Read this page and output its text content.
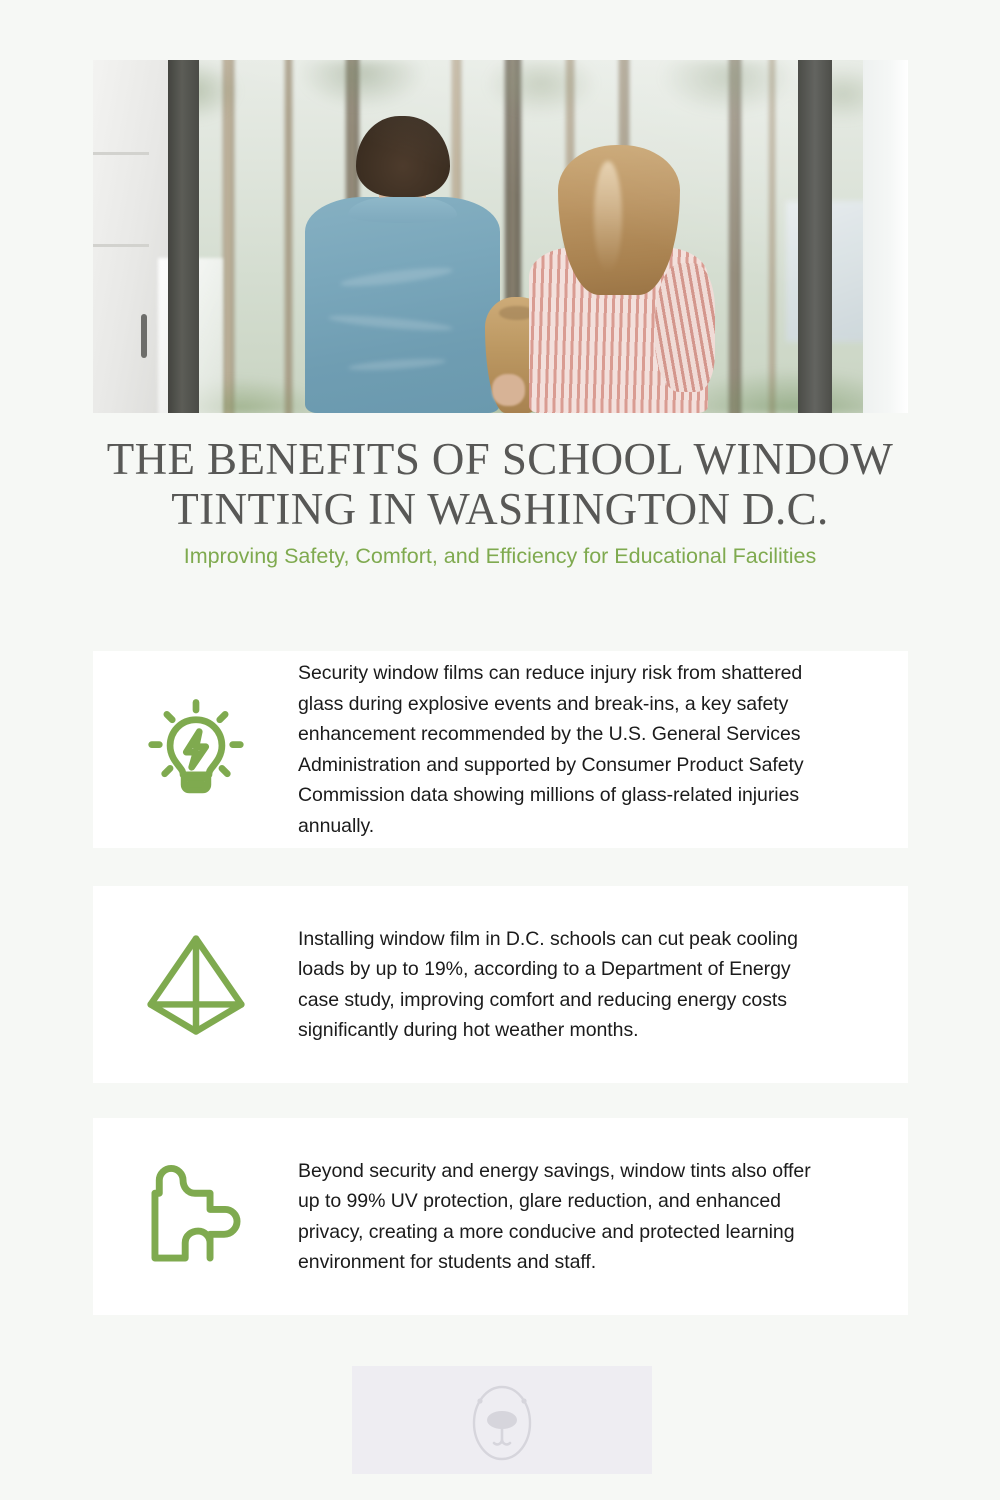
THE BENEFITS OF SCHOOL WINDOW TINTING IN WASHINGTON D.C.

Improving Safety, Comfort, and Efficiency for Educational Facilities

Security window films can reduce injury risk from shattered glass during explosive events and break-ins, a key safety enhancement recommended by the U.S. General Services Administration and supported by Consumer Product Safety Commission data showing millions of glass-related injuries annually.
Installing window film in D.C. schools can cut peak cooling loads by up to 19%, according to a Department of Energy case study, improving comfort and reducing energy costs significantly during hot weather months.
Beyond security and energy savings, window tints also offer up to 99% UV protection, glare reduction, and enhanced privacy, creating a more conducive and protected learning environment for students and staff.
